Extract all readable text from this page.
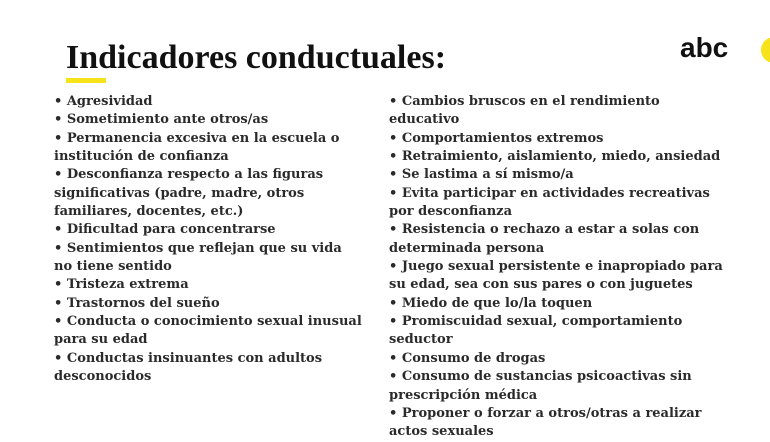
Indicadores conductuales:	abc
• Agresividad
• Sometimiento ante otros/as
• Permanencia excesiva en la escuela o institución de confianza
• Desconfianza respecto a las figuras significativas (padre, madre, otros familiares, docentes, etc.)
• Dificultad para concentrarse
• Sentimientos que reflejan que su vida no tiene sentido
• Tristeza extrema
• Trastornos del sueño
• Conducta o conocimiento sexual inusual para su edad
• Conductas insinuantes con adultos desconocidos
• Cambios bruscos en el rendimiento educativo
• Comportamientos extremos
• Retraimiento, aislamiento, miedo, ansiedad
• Se lastima a sí mismo/a
• Evita participar en actividades recreativas por desconfianza
• Resistencia o rechazo a estar a solas con determinada persona
• Juego sexual persistente e inapropiado para su edad, sea con sus pares o con juguetes
• Miedo de que lo/la toquen
• Promiscuidad sexual, comportamiento seductor
• Consumo de drogas
• Consumo de sustancias psicoactivas sin prescripción médica
• Proponer o forzar a otros/otras a realizar actos sexuales
